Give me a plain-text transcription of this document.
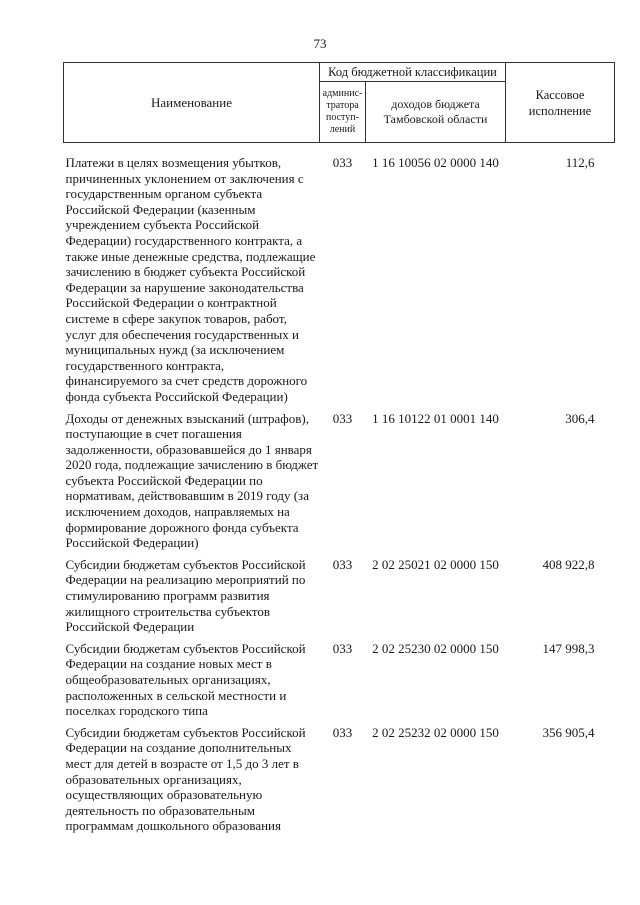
73
Наименование	Код бюджетной классификации		Кассовое исполнение
	админис-тратора поступ-лений	доходов бюджета Тамбовской области	
Платежи в целях возмещения убытков, причиненных уклонением от заключения с государственным органом субъекта Российской Федерации (казенным учреждением субъекта Российской Федерации) государственного контракта, а также иные денежные средства, подлежащие зачислению в бюджет субъекта Российской Федерации за нарушение законодательства Российской Федерации о контрактной системе в сфере закупок товаров, работ, услуг для обеспечения государственных и муниципальных нужд (за исключением государственного контракта, финансируемого за счет средств дорожного фонда субъекта Российской Федерации)	033	1 16 10056 02 0000 140	112,6
Доходы от денежных взысканий (штрафов), поступающие в счет погашения задолженности, образовавшейся до 1 января 2020 года, подлежащие зачислению в бюджет субъекта Российской Федерации по нормативам, действовавшим в 2019 году (за исключением доходов, направляемых на формирование дорожного фонда субъекта Российской Федерации)	033	1 16 10122 01 0001 140	306,4
Субсидии бюджетам субъектов Российской Федерации на реализацию мероприятий по стимулированию программ развития жилищного строительства субъектов Российской Федерации	033	2 02 25021 02 0000 150	408 922,8
Субсидии бюджетам субъектов Российской Федерации на создание новых мест в общеобразовательных организациях, расположенных в сельской местности и поселках городского типа	033	2 02 25230 02 0000 150	147 998,3
Субсидии бюджетам субъектов Российской Федерации на создание дополнительных мест для детей в возрасте от 1,5 до 3 лет в образовательных организациях, осуществляющих образовательную деятельность по образовательным программам дошкольного образования	033	2 02 25232 02 0000 150	356 905,4
